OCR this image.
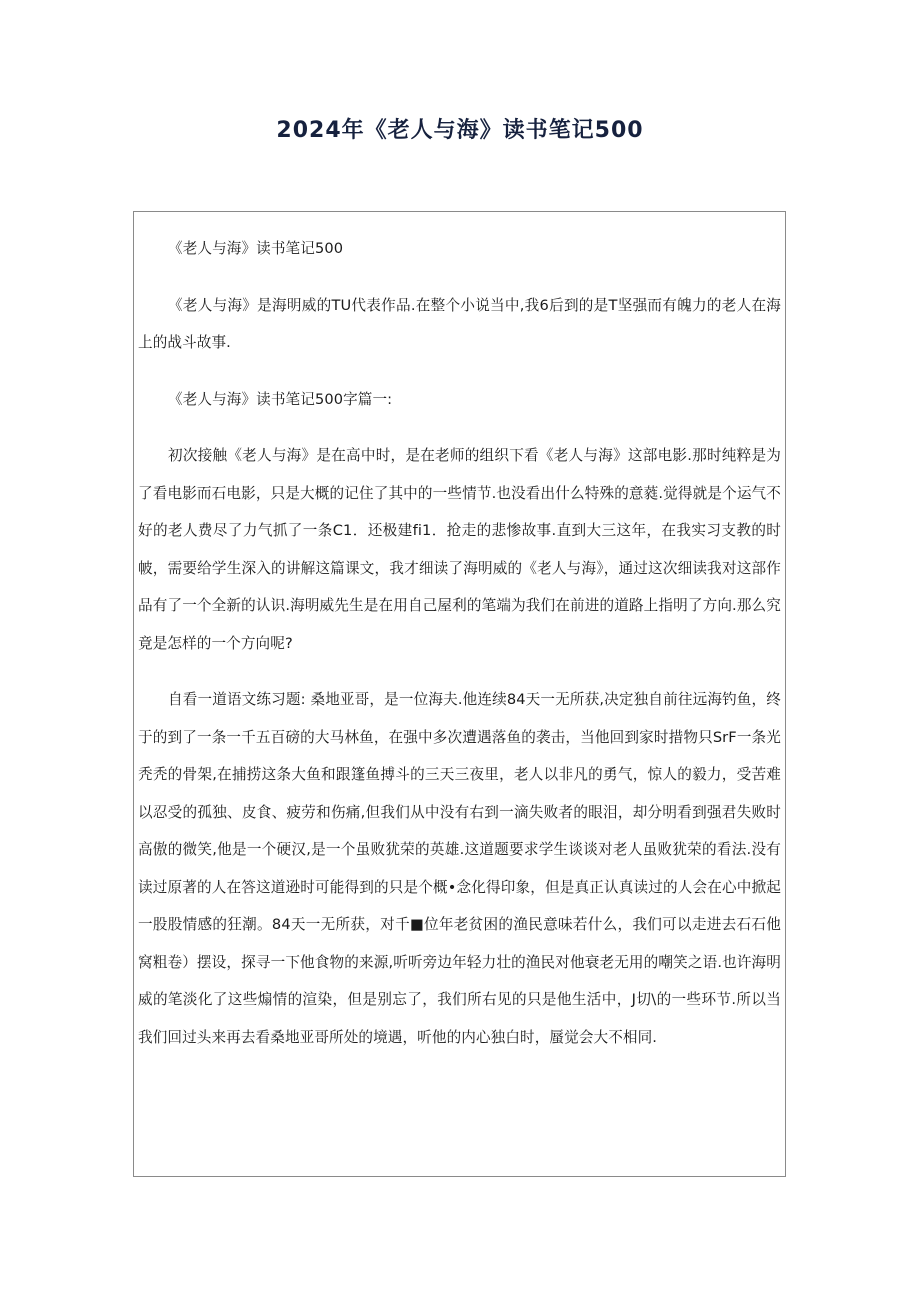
2024年《老人与海》读书笔记500

《老人与海》读书笔记500

《老人与海》是海明威的TU代表作品.在整个小说当中,我6后到的是T坚强而有魄力的老人在海上的战斗故事.

《老人与海》读书笔记500字篇一:

初次接触《老人与海》是在高中时，是在老师的组织下看《老人与海》这部电影.那时纯粹是为了看电影而石电影，只是大概的记住了其中的一些情节.也没看出什么特殊的意蕤.觉得就是个运气不好的老人费尽了力气抓了一条C1．还极建fi1．抢走的悲惨故事.直到大三这年，在我实习支教的时帔，需要给学生深入的讲解这篇课文，我才细读了海明威的《老人与海》，通过这次细读我对这部作品有了一个全新的认识.海明威先生是在用自己屋利的笔端为我们在前进的道路上指明了方向.那么究竟是怎样的一个方向呢?

自看一道语文练习题: 桑地亚哥，是一位海夫.他连续84天一无所获,决定独自前往远海钓鱼，终于的到了一条一千五百磅的大马林鱼，在强中多次遭遇落鱼的袭击，当他回到家时措物只SrF一条光秃秃的骨架,在捕捞这条大鱼和跟篷鱼搏斗的三天三夜里，老人以非凡的勇气，惊人的毅力，受苦难以忍受的孤独、皮食、疲劳和伤痛,但我们从中没有右到一滴失败者的眼泪，却分明看到强君失败时高傲的微笑,他是一个硬汉,是一个虽败犹荣的英雄.这道题要求学生谈谈对老人虽败犹荣的看法.没有读过原著的人在答这道逊时可能得到的只是个概•念化得印象，但是真正认真读过的人会在心中掀起一股股情感的狂潮。84天一无所获，对千■位年老贫困的渔民意味若什么，我们可以走进去石石他窝粗卷）摆设，探寻一下他食物的来源,听听旁边年轻力壮的渔民对他衰老无用的嘲笑之语.也许海明威的笔淡化了这些煽情的渲染，但是别忘了，我们所右见的只是他生活中，J切\的一些环节.所以当我们回过头来再去看桑地亚哥所处的境遇，听他的内心独白时，蜃觉会大不相同.
